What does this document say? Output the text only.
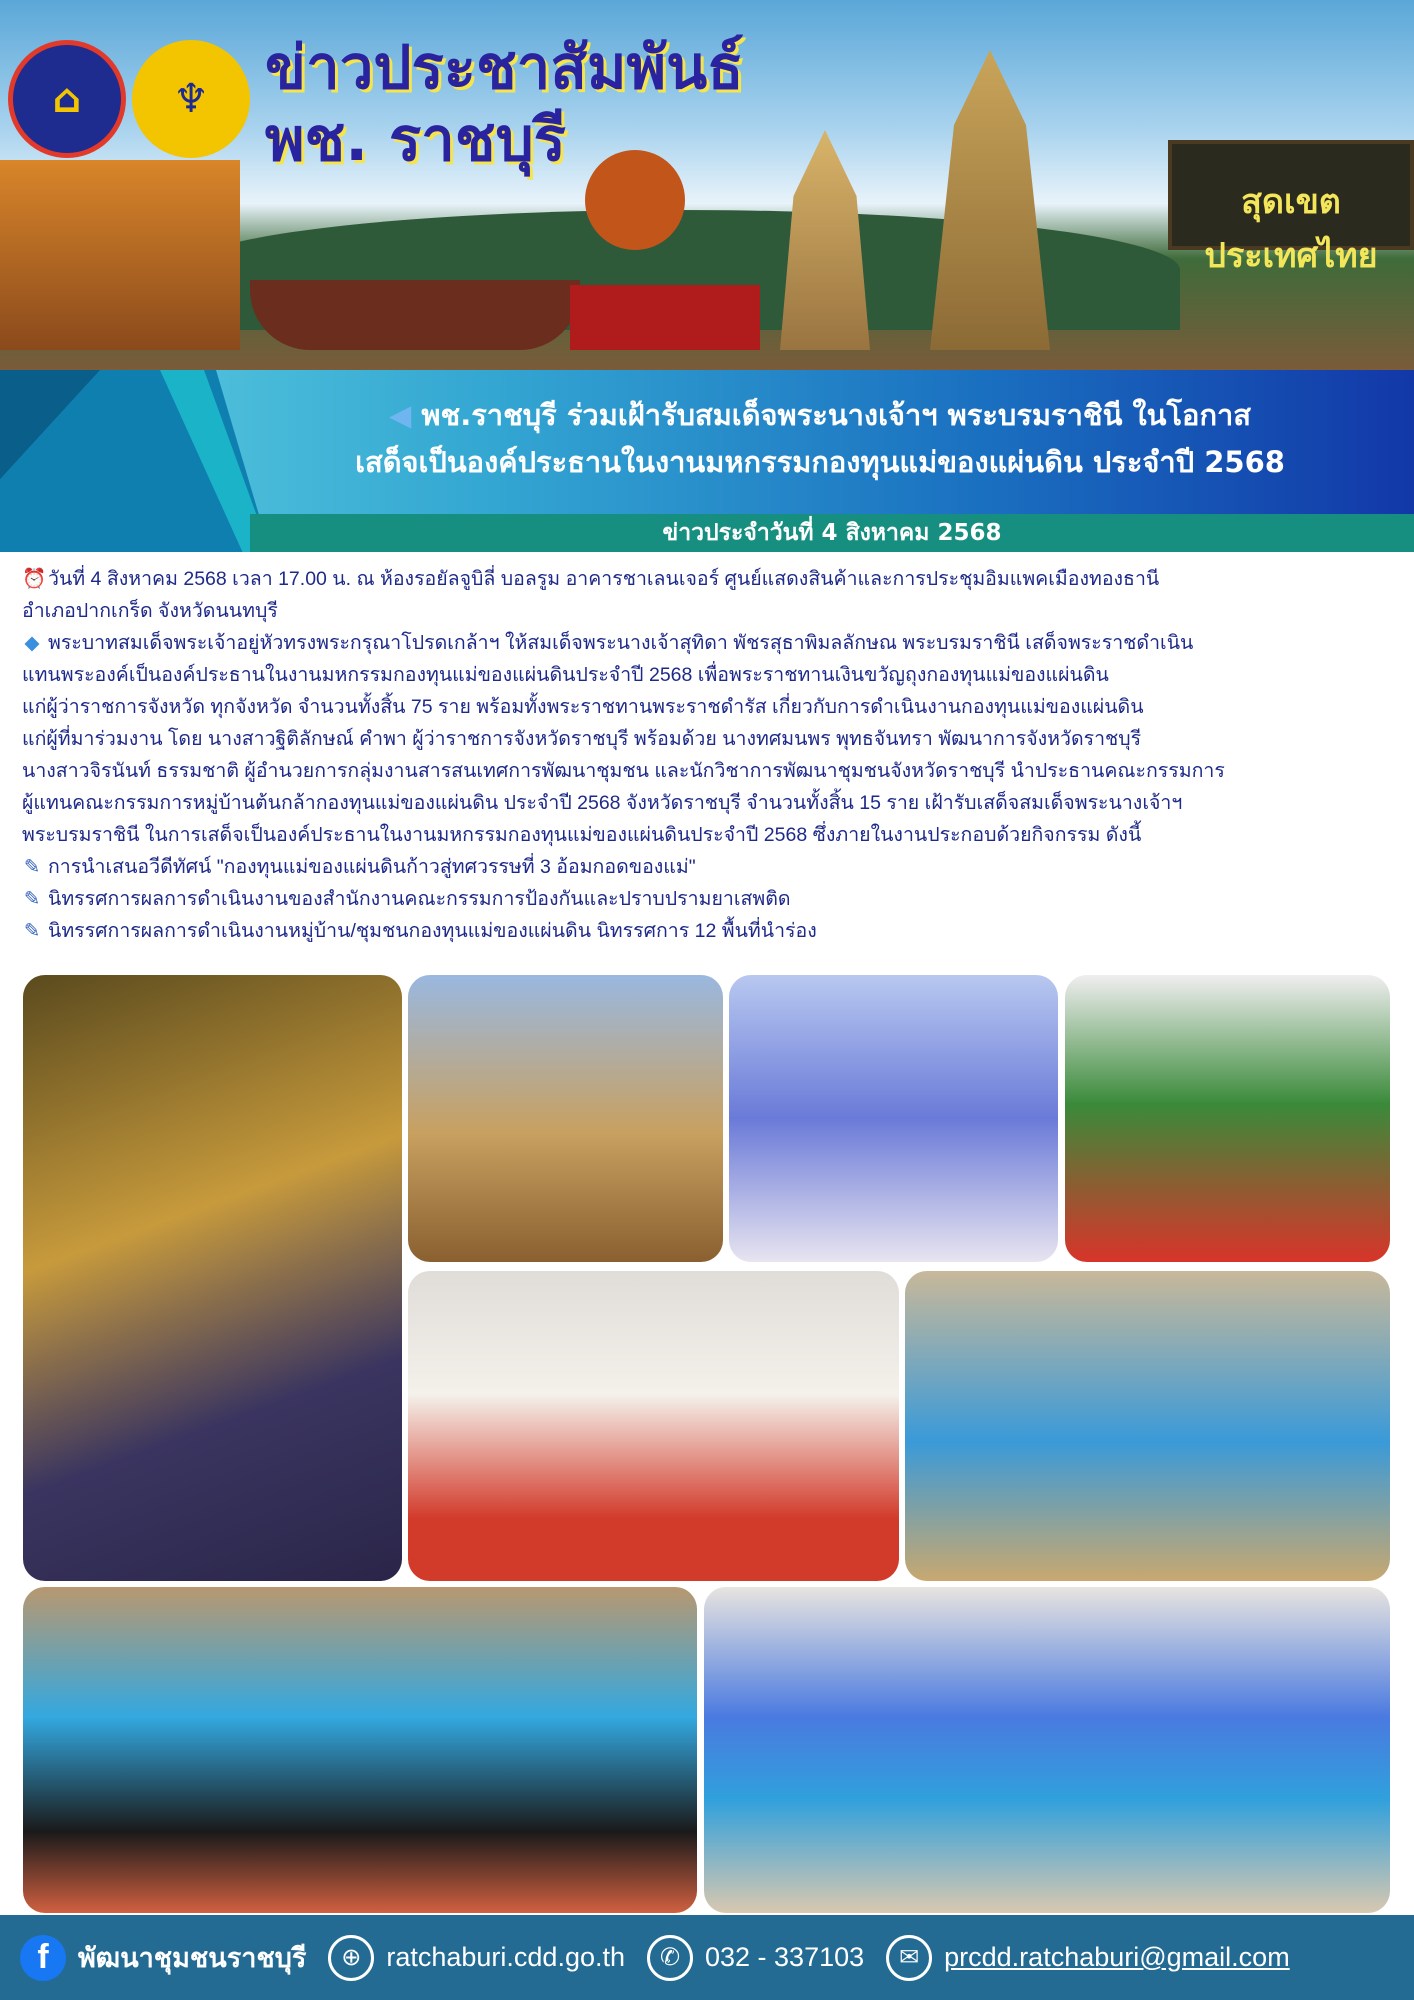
สุดเขตประเทศไทย
⌂	♆ ข่าวประชาสัมพันธ์
พช. ราชบุรี
◀ พช.ราชบุรี ร่วมเฝ้ารับสมเด็จพระนางเจ้าฯ พระบรมราชินี ในโอกาส
เสด็จเป็นองค์ประธานในงานมหกรรมกองทุนแม่ของแผ่นดิน ประจำปี 2568
ข่าวประจำวันที่ 4 สิงหาคม 2568

⏰วันที่ 4 สิงหาคม 2568 เวลา 17.00 น. ณ ห้องรอยัลจูบิลี่ บอลรูม อาคารชาเลนเจอร์ ศูนย์แสดงสินค้าและการประชุมอิมแพคเมืองทองธานี

อำเภอปากเกร็ด จังหวัดนนทบุรี

◆ พระบาทสมเด็จพระเจ้าอยู่หัวทรงพระกรุณาโปรดเกล้าฯ ให้สมเด็จพระนางเจ้าสุทิดา พัชรสุธาพิมลลักษณ พระบรมราชินี เสด็จพระราชดำเนิน

แทนพระองค์เป็นองค์ประธานในงานมหกรรมกองทุนแม่ของแผ่นดินประจำปี 2568 เพื่อพระราชทานเงินขวัญถุงกองทุนแม่ของแผ่นดิน

แก่ผู้ว่าราชการจังหวัด ทุกจังหวัด จำนวนทั้งสิ้น 75 ราย พร้อมทั้งพระราชทานพระราชดำรัส เกี่ยวกับการดำเนินงานกองทุนแม่ของแผ่นดิน

แก่ผู้ที่มาร่วมงาน โดย นางสาวฐิติลักษณ์ คำพา ผู้ว่าราชการจังหวัดราชบุรี พร้อมด้วย นางทศมนพร พุทธจันทรา พัฒนาการจังหวัดราชบุรี

นางสาวจิรนันท์ ธรรมชาติ ผู้อำนวยการกลุ่มงานสารสนเทศการพัฒนาชุมชน และนักวิชาการพัฒนาชุมชนจังหวัดราชบุรี นำประธานคณะกรรมการ

ผู้แทนคณะกรรมการหมู่บ้านต้นกล้ากองทุนแม่ของแผ่นดิน ประจำปี 2568 จังหวัดราชบุรี จำนวนทั้งสิ้น 15 ราย เฝ้ารับเสด็จสมเด็จพระนางเจ้าฯ

พระบรมราชินี ในการเสด็จเป็นองค์ประธานในงานมหกรรมกองทุนแม่ของแผ่นดินประจำปี 2568 ซึ่งภายในงานประกอบด้วยกิจกรรม ดังนี้

✎ การนำเสนอวีดีทัศน์ "กองทุนแม่ของแผ่นดินก้าวสู่ทศวรรษที่ 3 อ้อมกอดของแม่"

✎ นิทรรศการผลการดำเนินงานของสำนักงานคณะกรรมการป้องกันและปราบปรามยาเสพติด

✎ นิทรรศการผลการดำเนินงานหมู่บ้าน/ชุมชนกองทุนแม่ของแผ่นดิน นิทรรศการ 12 พื้นที่นำร่อง

f	พัฒนาชุมชนราชบุรี	⊕ ratchaburi.cdd.go.th	✆ 032 - 337103	✉ prcdd.ratchaburi@gmail.com
